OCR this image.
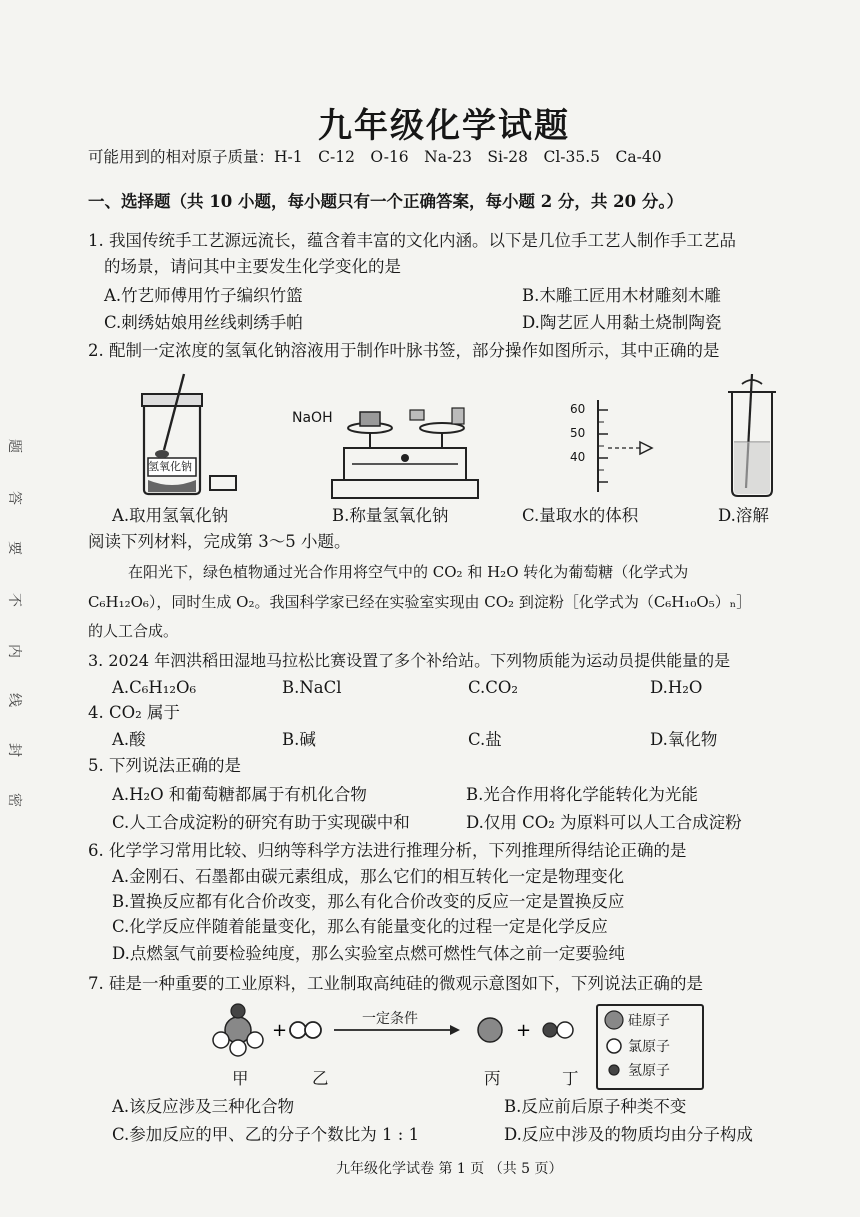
题
答
要
不
内
线
封
密
九年级化学试题
可能用到的相对原子质量：H-1　C-12　O-16　Na-23　Si-28　Cl-35.5　Ca-40
一、选择题（共 10 小题，每小题只有一个正确答案，每小题 2 分，共 20 分。）
1. 我国传统手工艺源远流长，蕴含着丰富的文化内涵。以下是几位手工艺人制作手工艺品
的场景，请问其中主要发生化学变化的是
A.竹艺师傅用竹子编织竹篮	B.木雕工匠用木材雕刻木雕
C.刺绣姑娘用丝线刺绣手帕	D.陶艺匠人用黏土烧制陶瓷
2. 配制一定浓度的氢氧化钠溶液用于制作叶脉书签，部分操作如图所示，其中正确的是
氢氧化钠
NaOH
60
50
40
A.取用氢氧化钠	B.称量氢氧化钠	C.量取水的体积	D.溶解
阅读下列材料，完成第 3～5 小题。
在阳光下，绿色植物通过光合作用将空气中的 CO₂ 和 H₂O 转化为葡萄糖（化学式为
C₆H₁₂O₆），同时生成 O₂。我国科学家已经在实验室实现由 CO₂ 到淀粉［化学式为（C₆H₁₀O₅）ₙ］
的人工合成。
3. 2024 年泗洪稻田湿地马拉松比赛设置了多个补给站。下列物质能为运动员提供能量的是
A.C₆H₁₂O₆	B.NaCl	C.CO₂	D.H₂O
4. CO₂ 属于
A.酸	B.碱	C.盐	D.氧化物
5. 下列说法正确的是
A.H₂O 和葡萄糖都属于有机化合物	B.光合作用将化学能转化为光能
C.人工合成淀粉的研究有助于实现碳中和	D.仅用 CO₂ 为原料可以人工合成淀粉
6. 化学学习常用比较、归纳等科学方法进行推理分析，下列推理所得结论正确的是
A.金刚石、石墨都由碳元素组成，那么它们的相互转化一定是物理变化
B.置换反应都有化合价改变，那么有化合价改变的反应一定是置换反应
C.化学反应伴随着能量变化，那么有能量变化的过程一定是化学反应
D.点燃氢气前要检验纯度，那么实验室点燃可燃性气体之前一定要验纯
7. 硅是一种重要的工业原料，工业制取高纯硅的微观示意图如下，下列说法正确的是
+	+
一定条件
甲	乙	丙	丁
硅原子
氯原子
氢原子
A.该反应涉及三种化合物	B.反应前后原子种类不变
C.参加反应的甲、乙的分子个数比为 1 : 1	D.反应中涉及的物质均由分子构成
九年级化学试卷 第 1 页 （共 5 页）
